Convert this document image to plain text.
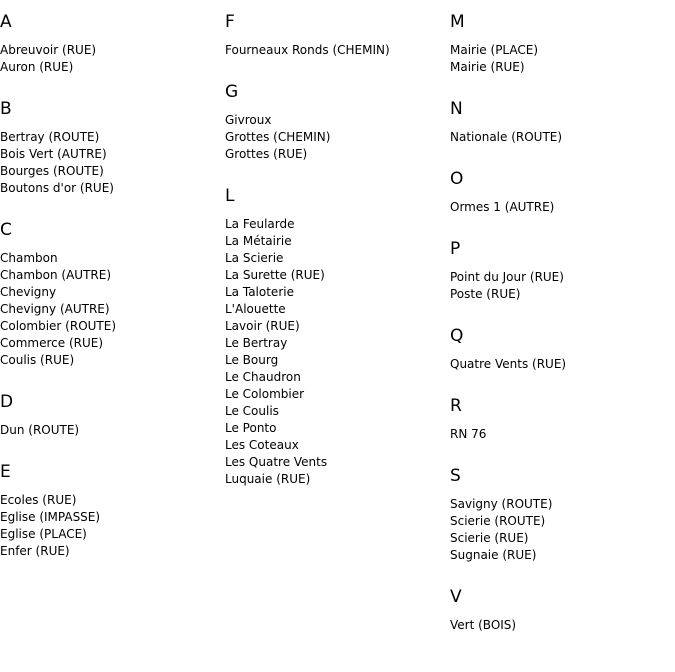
A
Abreuvoir (RUE)
Auron (RUE)
B
Bertray (ROUTE)
Bois Vert (AUTRE)
Bourges (ROUTE)
Boutons d'or (RUE)
C
Chambon
Chambon (AUTRE)
Chevigny
Chevigny (AUTRE)
Colombier (ROUTE)
Commerce (RUE)
Coulis (RUE)
D
Dun (ROUTE)
E
Ecoles (RUE)
Eglise (IMPASSE)
Eglise (PLACE)
Enfer (RUE)
F
Fourneaux Ronds (CHEMIN)
G
Givroux
Grottes (CHEMIN)
Grottes (RUE)
L
La Feularde
La Métairie
La Scierie
La Surette (RUE)
La Taloterie
L'Alouette
Lavoir (RUE)
Le Bertray
Le Bourg
Le Chaudron
Le Colombier
Le Coulis
Le Ponto
Les Coteaux
Les Quatre Vents
Luquaie (RUE)
M
Mairie (PLACE)
Mairie (RUE)
N
Nationale (ROUTE)
O
Ormes 1 (AUTRE)
P
Point du Jour (RUE)
Poste (RUE)
Q
Quatre Vents (RUE)
R
RN 76
S
Savigny (ROUTE)
Scierie (ROUTE)
Scierie (RUE)
Sugnaie (RUE)
V
Vert (BOIS)
